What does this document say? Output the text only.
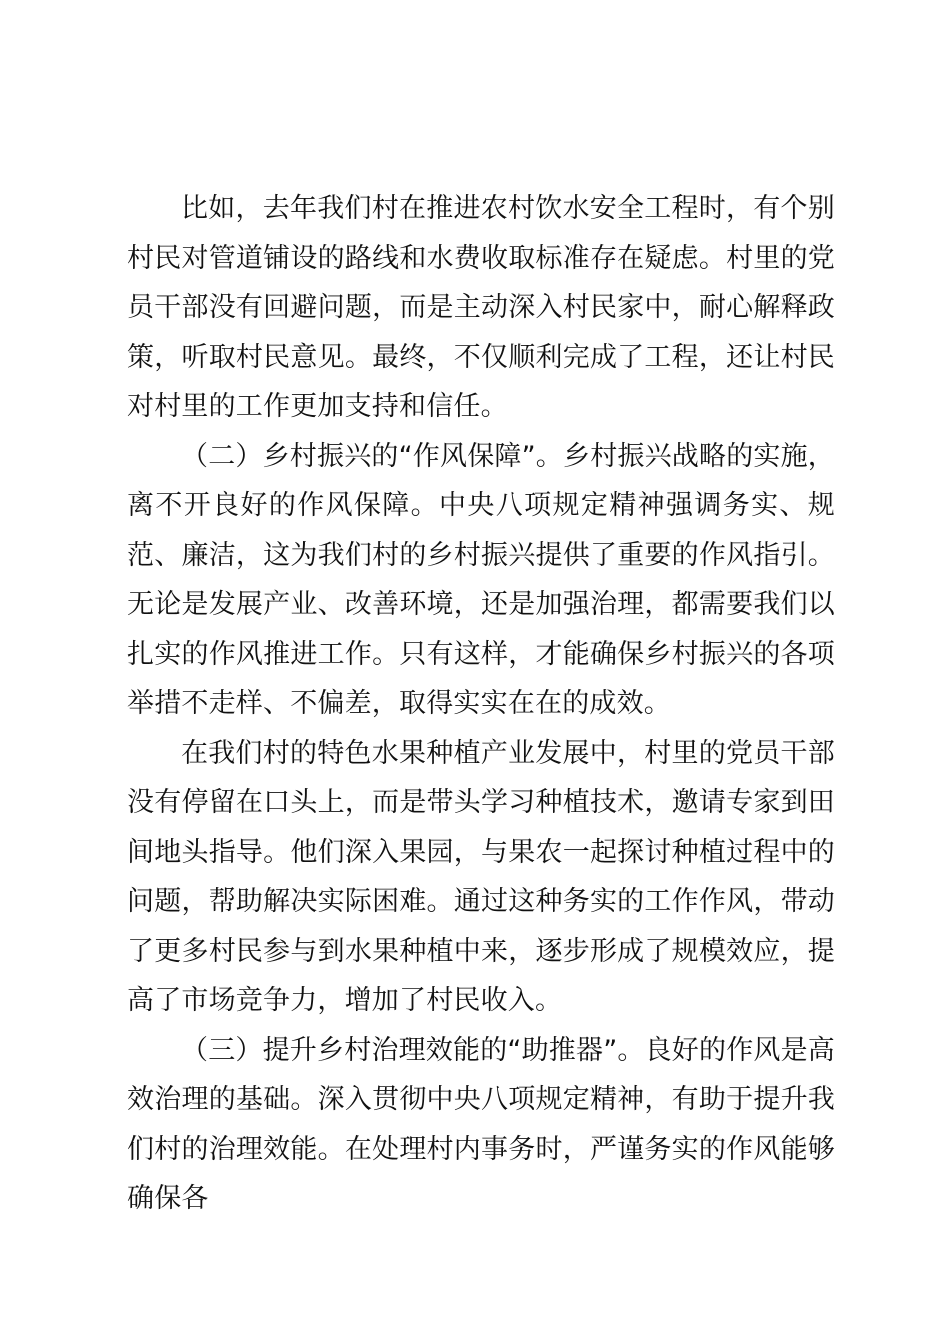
比如，去年我们村在推进农村饮水安全工程时，有个别村民对管道铺设的路线和水费收取标准存在疑虑。村里的党员干部没有回避问题，而是主动深入村民家中，耐心解释政策，听取村民意见。最终，不仅顺利完成了工程，还让村民对村里的工作更加支持和信任。

（二）乡村振兴的“作风保障”。乡村振兴战略的实施，离不开良好的作风保障。中央八项规定精神强调务实、规范、廉洁，这为我们村的乡村振兴提供了重要的作风指引。无论是发展产业、改善环境，还是加强治理，都需要我们以扎实的作风推进工作。只有这样，才能确保乡村振兴的各项举措不走样、不偏差，取得实实在在的成效。

在我们村的特色水果种植产业发展中，村里的党员干部没有停留在口头上，而是带头学习种植技术，邀请专家到田间地头指导。他们深入果园，与果农一起探讨种植过程中的问题，帮助解决实际困难。通过这种务实的工作作风，带动了更多村民参与到水果种植中来，逐步形成了规模效应，提高了市场竞争力，增加了村民收入。

（三）提升乡村治理效能的“助推器”。良好的作风是高效治理的基础。深入贯彻中央八项规定精神，有助于提升我们村的治理效能。在处理村内事务时，严谨务实的作风能够确保各
